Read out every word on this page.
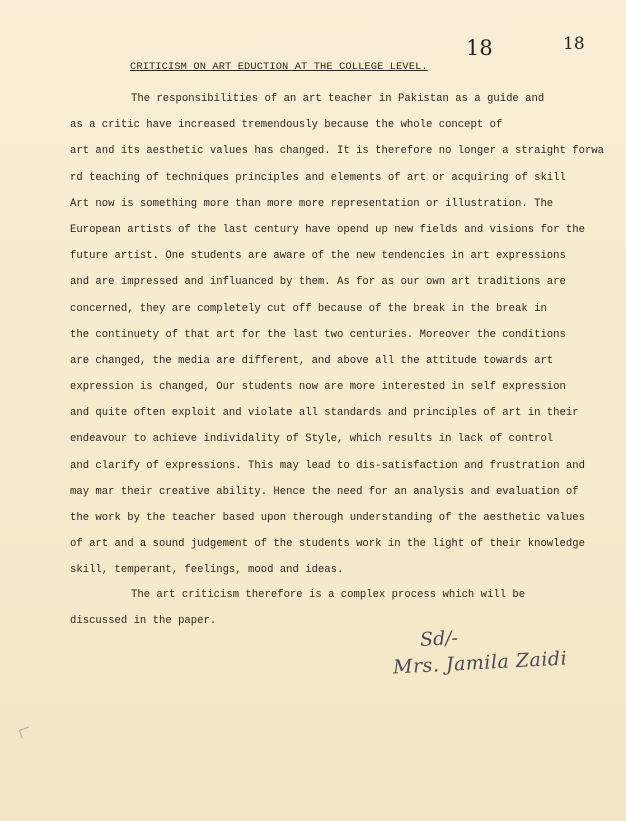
18	18
CRITICISM ON ART EDUCTION AT THE COLLEGE LEVEL.
The responsibilities of an art teacher in Pakistan as a guide and
as a critic have increased tremendously because the whole concept of
art and its aesthetic values has changed. It is therefore no longer a straight forwa
rd teaching of techniques principles and elements of art or acquiring of skill
Art now is something more than more more representation or illustration. The
European artists of the last century have opend up new fields and visions for the
future artist. One students are aware of the new tendencies in art expressions
and are impressed and influanced by them. As for as our own art traditions are
concerned, they are completely cut off because of the break in the break in
the continuety of that art for the last two centuries. Moreover the conditions
are changed, the media are different, and above all the attitude towards art
expression is changed, Our students now are more interested in self expression
and quite often exploit and violate all standards and principles of art in their
endeavour to achieve individality of Style, which results in lack of control
and clarify of expressions. This may lead to dis-satisfaction and frustration and
may mar their creative ability. Hence the need for an analysis and evaluation of
the work by the teacher based upon therough understanding of the aesthetic values
of art and a sound judgement of the students work in the light of their knowledge
skill, temperant, feelings, mood and ideas.
The art criticism therefore is a complex process which will be
discussed in the paper.
Sd/-
Mrs. Jamila Zaidi
